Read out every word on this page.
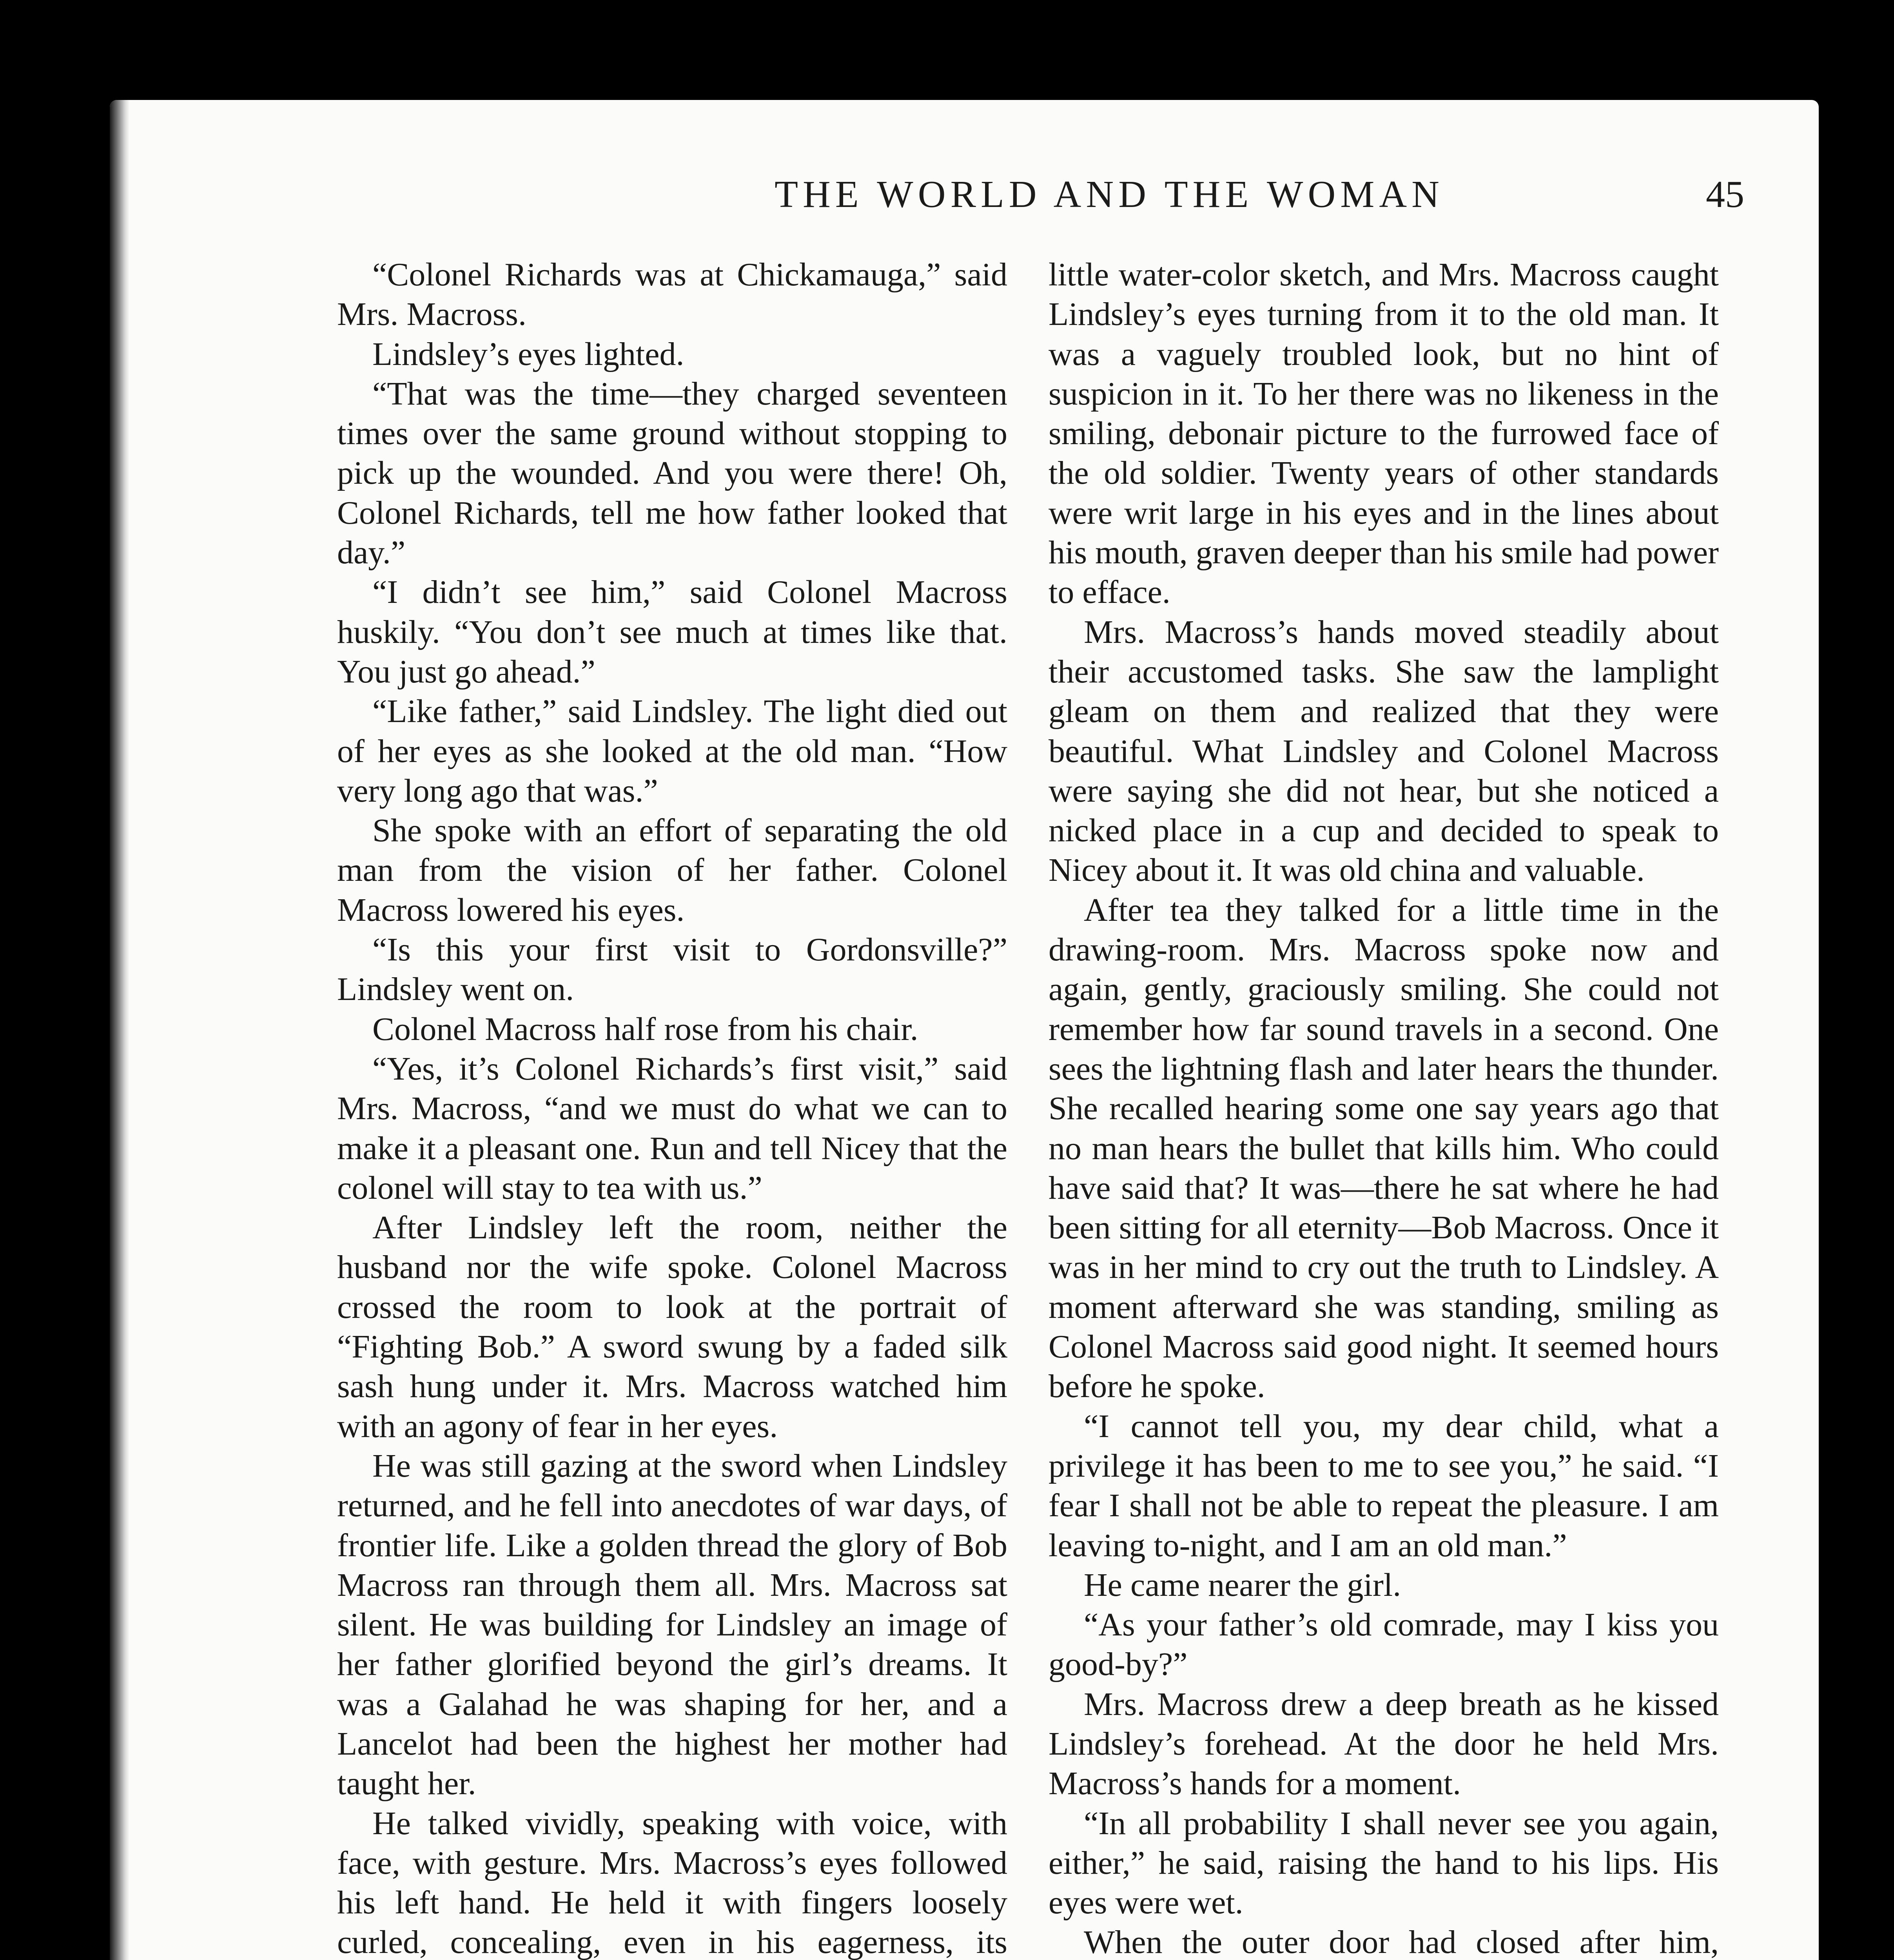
THE WORLD AND THE WOMAN	45

“Colonel Richards was at Chickamauga,” said Mrs. Macross.

Lindsley’s eyes lighted.

“That was the time—they charged seventeen times over the same ground without stopping to pick up the wounded. And you were there! Oh, Colonel Richards, tell me how father looked that day.”

“I didn’t see him,” said Colonel Macross huskily. “You don’t see much at times like that. You just go ahead.”

“Like father,” said Lindsley. The light died out of her eyes as she looked at the old man. “How very long ago that was.”

She spoke with an effort of separating the old man from the vision of her father. Colonel Macross lowered his eyes.

“Is this your first visit to Gordonsville?” Lindsley went on.

Colonel Macross half rose from his chair.

“Yes, it’s Colonel Richards’s first visit,” said Mrs. Macross, “and we must do what we can to make it a pleasant one. Run and tell Nicey that the colonel will stay to tea with us.”

After Lindsley left the room, neither the husband nor the wife spoke. Colonel Macross crossed the room to look at the portrait of “Fighting Bob.” A sword swung by a faded silk sash hung under it. Mrs. Macross watched him with an agony of fear in her eyes.

He was still gazing at the sword when Lindsley returned, and he fell into anecdotes of war days, of frontier life. Like a golden thread the glory of Bob Macross ran through them all. Mrs. Macross sat silent. He was building for Lindsley an image of her father glorified beyond the girl’s dreams. It was a Galahad he was shaping for her, and a Lancelot had been the highest her mother had taught her.

He talked vividly, speaking with voice, with face, with gesture. Mrs. Macross’s eyes followed his left hand. He held it with fingers loosely curled, concealing, even in his eagerness, its

little water-color sketch, and Mrs. Macross caught Lindsley’s eyes turning from it to the old man. It was a vaguely troubled look, but no hint of suspicion in it. To her there was no likeness in the smiling, debonair picture to the furrowed face of the old soldier. Twenty years of other standards were writ large in his eyes and in the lines about his mouth, graven deeper than his smile had power to efface.

Mrs. Macross’s hands moved steadily about their accustomed tasks. She saw the lamplight gleam on them and realized that they were beautiful. What Lindsley and Colonel Macross were saying she did not hear, but she noticed a nicked place in a cup and decided to speak to Nicey about it. It was old china and valuable.

After tea they talked for a little time in the drawing-room. Mrs. Macross spoke now and again, gently, graciously smiling. She could not remember how far sound travels in a second. One sees the lightning flash and later hears the thunder. She recalled hearing some one say years ago that no man hears the bullet that kills him. Who could have said that? It was—there he sat where he had been sitting for all eternity—Bob Macross. Once it was in her mind to cry out the truth to Lindsley. A moment afterward she was standing, smiling as Colonel Macross said good night. It seemed hours before he spoke.

“I cannot tell you, my dear child, what a privilege it has been to me to see you,” he said. “I fear I shall not be able to repeat the pleasure. I am leaving to-night, and I am an old man.”

He came nearer the girl.

“As your father’s old comrade, may I kiss you good-by?”

Mrs. Macross drew a deep breath as he kissed Lindsley’s forehead. At the door he held Mrs. Macross’s hands for a moment.

“In all probability I shall never see you again, either,” he said, raising the hand to his lips. His eyes were wet.

When the outer door had closed after him,
